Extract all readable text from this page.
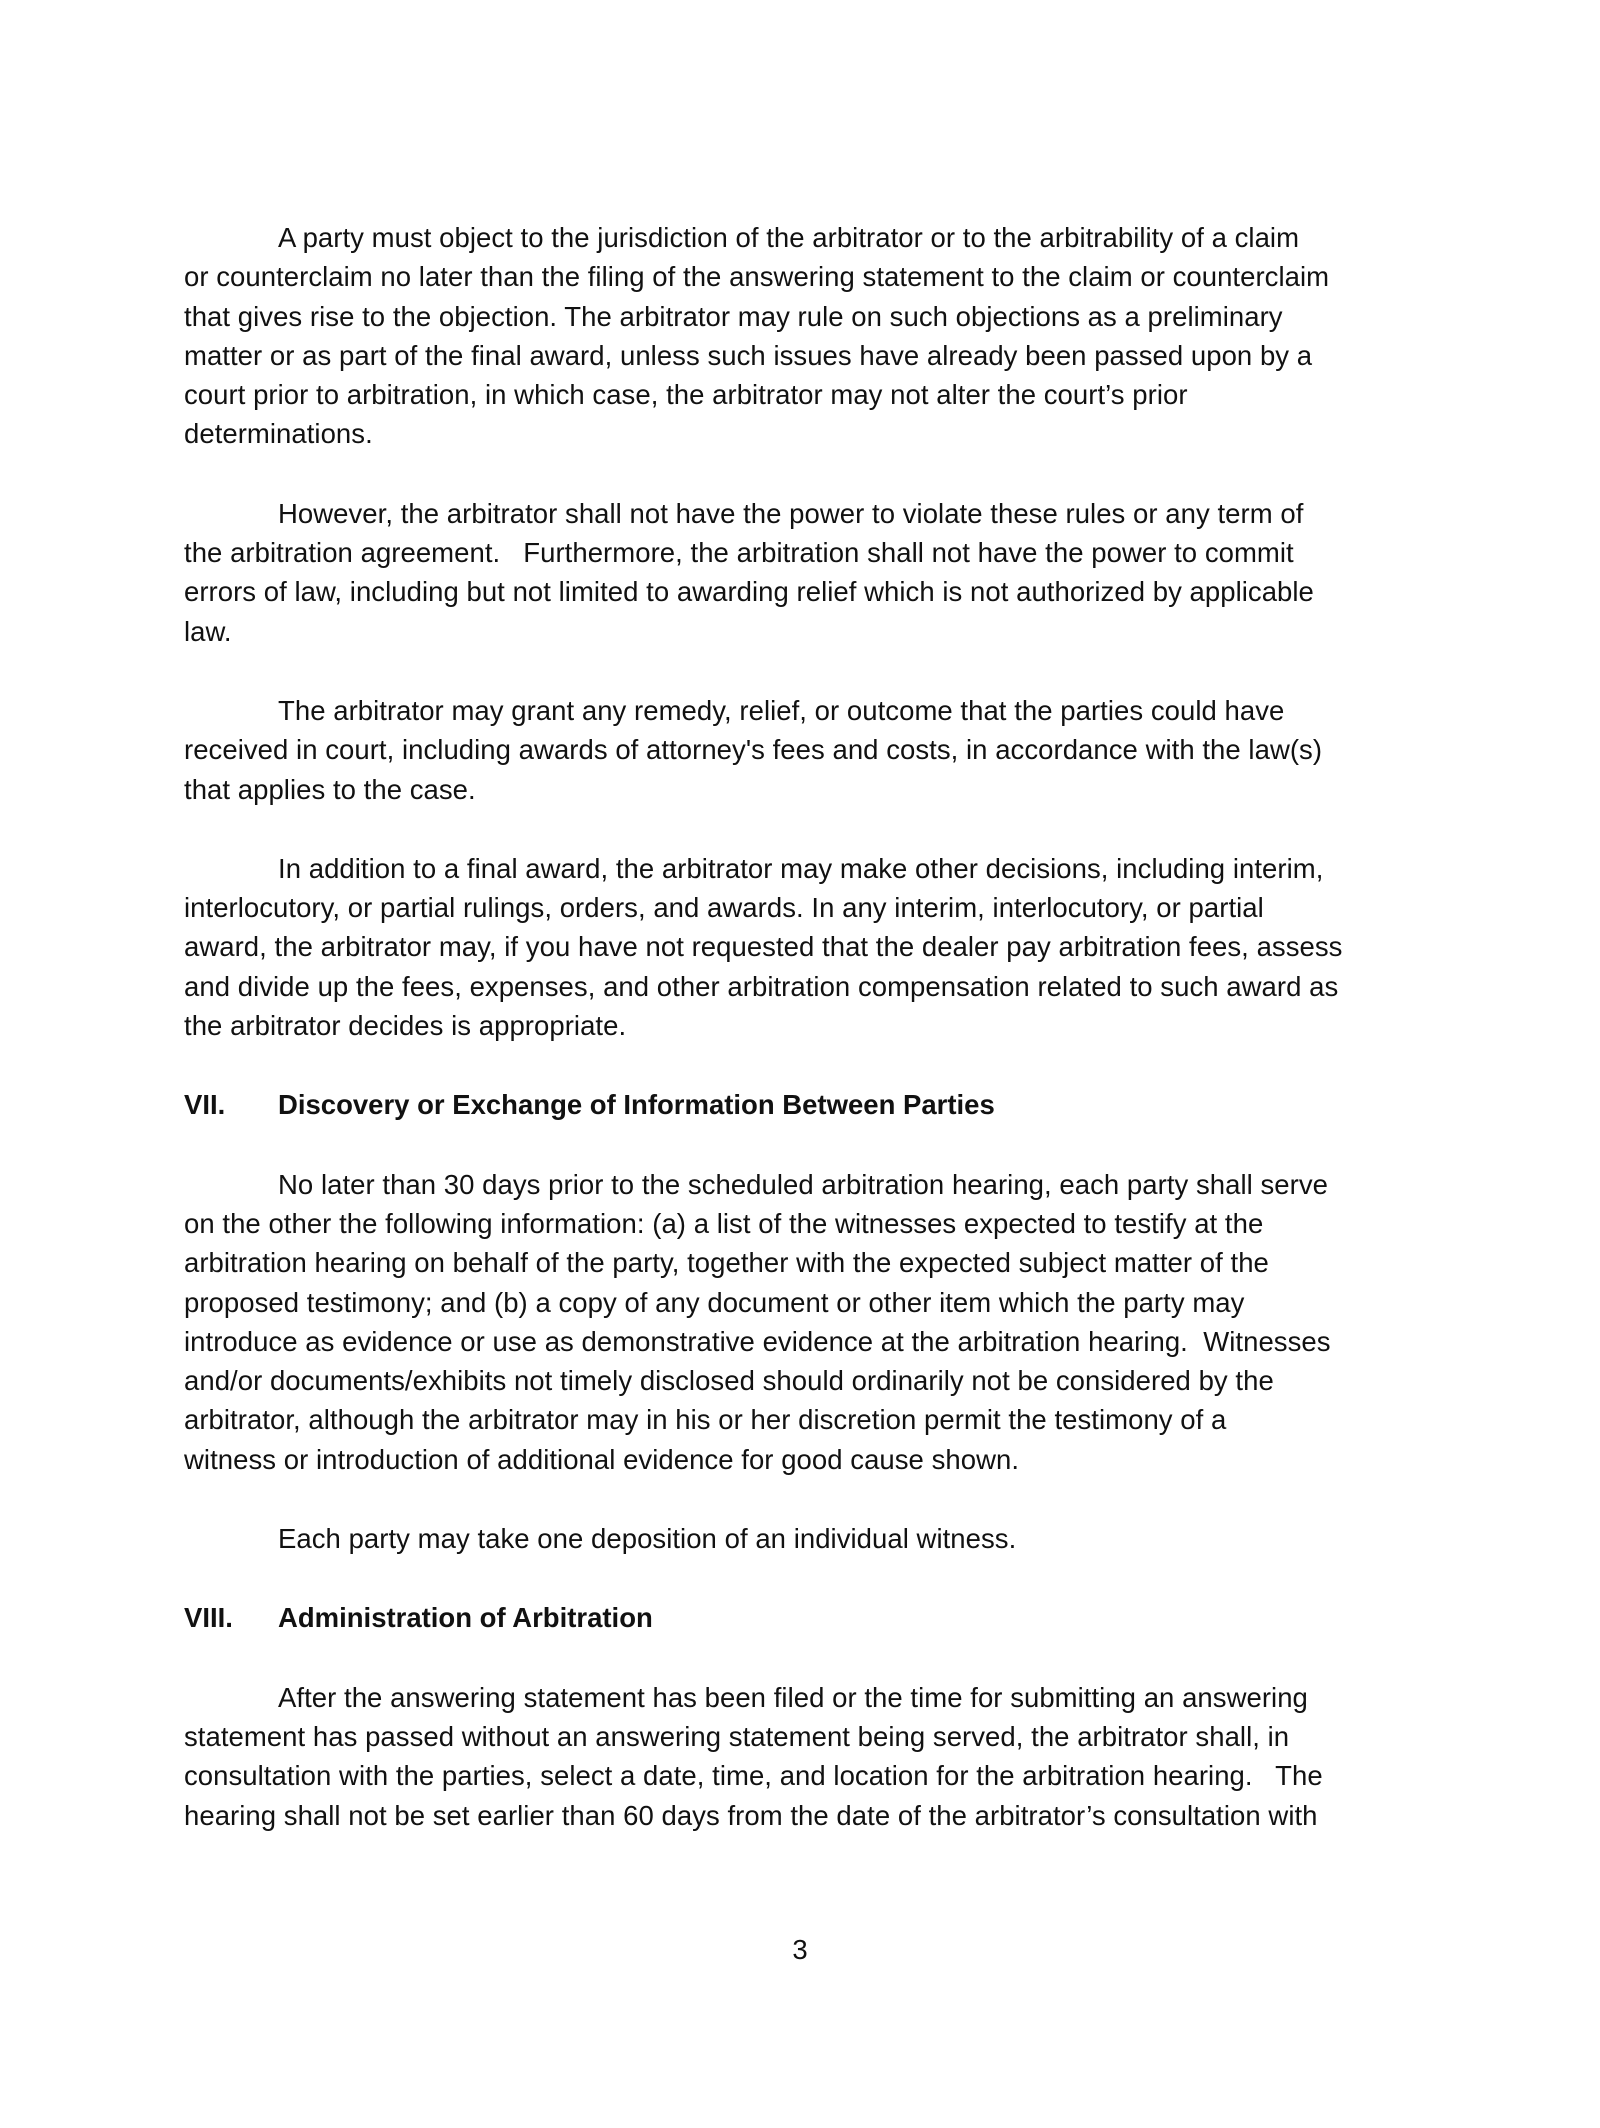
A party must object to the jurisdiction of the arbitrator or to the arbitrability of a claim
or counterclaim no later than the filing of the answering statement to the claim or counterclaim
that gives rise to the objection. The arbitrator may rule on such objections as a preliminary
matter or as part of the final award, unless such issues have already been passed upon by a
court prior to arbitration, in which case, the arbitrator may not alter the court’s prior
determinations.
However, the arbitrator shall not have the power to violate these rules or any term of
the arbitration agreement.   Furthermore, the arbitration shall not have the power to commit
errors of law, including but not limited to awarding relief which is not authorized by applicable
law.
The arbitrator may grant any remedy, relief, or outcome that the parties could have
received in court, including awards of attorney's fees and costs, in accordance with the law(s)
that applies to the case.
In addition to a final award, the arbitrator may make other decisions, including interim,
interlocutory, or partial rulings, orders, and awards. In any interim, interlocutory, or partial
award, the arbitrator may, if you have not requested that the dealer pay arbitration fees, assess
and divide up the fees, expenses, and other arbitration compensation related to such award as
the arbitrator decides is appropriate.
VII.	Discovery or Exchange of Information Between Parties
No later than 30 days prior to the scheduled arbitration hearing, each party shall serve
on the other the following information: (a) a list of the witnesses expected to testify at the
arbitration hearing on behalf of the party, together with the expected subject matter of the
proposed testimony; and (b) a copy of any document or other item which the party may
introduce as evidence or use as demonstrative evidence at the arbitration hearing.  Witnesses
and/or documents/exhibits not timely disclosed should ordinarily not be considered by the
arbitrator, although the arbitrator may in his or her discretion permit the testimony of a
witness or introduction of additional evidence for good cause shown.
Each party may take one deposition of an individual witness.
VIII.	Administration of Arbitration
After the answering statement has been filed or the time for submitting an answering
statement has passed without an answering statement being served, the arbitrator shall, in
consultation with the parties, select a date, time, and location for the arbitration hearing.   The
hearing shall not be set earlier than 60 days from the date of the arbitrator’s consultation with
3
